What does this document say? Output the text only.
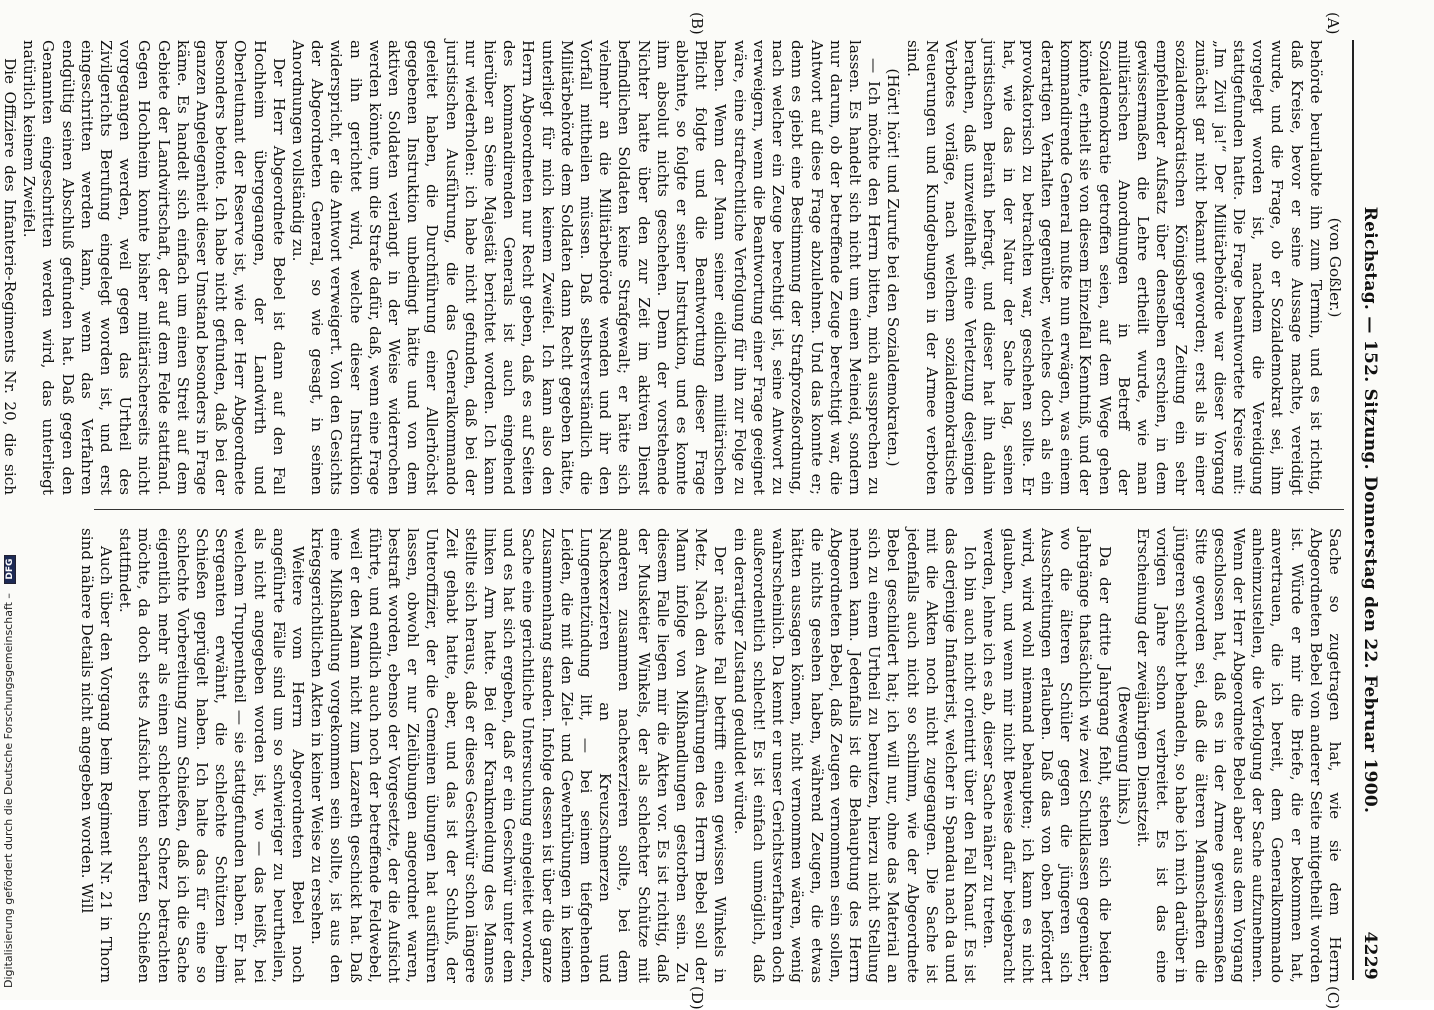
Reichstag. — 152. Sitzung. Donnerstag den 22. Februar 1900.
4229
(A)
(B)
(C)
(D)

(von Goßler.)

behörde beurlaubte ihn zum Termin, und es ist richtig, daß Kreise, bevor er seine Aussage machte, vereidigt wurde, und die Frage, ob er Sozialdemokrat sei, ihm vorgelegt worden ist, nachdem die Vereidigung stattgefunden hatte. Die Frage beantwortete Kreise mit: „Im Zivil ja!“ Der Militärbehörde war dieser Vorgang zunächst gar nicht bekannt geworden; erst als in einer sozialdemokratischen Königsberger Zeitung ein sehr empfehlender Aufsatz über denselben erschien, in dem gewissermaßen die Lehre ertheilt wurde, wie man militärischen Anordnungen in Betreff der Sozialdemokratie getroffen seien, auf dem Wege gehen könnte, erhielt sie von diesem Einzelfall Kenntniß, und der kommandirende General mußte nun erwägen, was einem derartigen Verhalten gegenüber, welches doch als ein provokatorisch zu betrachten war, geschehen sollte. Er hat, wie das in der Natur der Sache lag, seinen juristischen Beirath befragt, und dieser hat ihn dahin berathen, daß unzweifelhaft eine Verletzung desjenigen Verbotes vorläge, nach welchem sozialdemokratische Neuerungen und Kundgebungen in der Armee verboten sind.

(Hört! hört! und Zurufe bei den Sozialdemokraten.)

— Ich möchte den Herrn bitten, mich aussprechen zu lassen. Es handelt sich nicht um einen Meineid, sondern nur darum, ob der betreffende Zeuge berechtigt war, die Antwort auf diese Frage abzulehnen. Und das konnte er; denn es giebt eine Bestimmung der Strafprozeßordnung, nach welcher ein Zeuge berechtigt ist, seine Antwort zu verweigern, wenn die Beantwortung einer Frage geeignet wäre, eine strafrechtliche Verfolgung für ihn zur Folge zu haben. Wenn der Mann seiner eidlichen militärischen Pflicht folgte und die Beantwortung dieser Frage ablehnte, so folgte er seiner Instruktion, und es konnte ihm absolut nichts geschehen. Denn der vorstehende Nichter hatte über den zur Zeit im aktiven Dienst befindlichen Soldaten keine Strafgewalt; er hätte sich vielmehr an die Militärbehörde wenden und ihr den Vorfall mittheilen müssen. Daß selbstverständlich die Militärbehörde dem Soldaten dann Recht gegeben hätte, unterliegt für mich keinem Zweifel. Ich kann also den Herrn Abgeordneten nur Recht geben, daß es auf Seiten des kommandirenden Generals ist auch eingehend hierüber an Seine Majestät berichtet worden. Ich kann nur wiederholen: ich habe nicht gefunden, daß bei der juristischen Ausführung, die das Generalkommando geleitet haben, die Durchführung einer Allerhöchst gegebenen Instruktion unbedingt hätte und von dem aktiven Soldaten verlangt in der Weise widerrochen werden könnte, um die Strafe dafür, daß, wenn eine Frage an ihn gerichtet wird, welche dieser Instruktion widerspricht, er die Antwort verweigert. Von den Gesichts der Abgeordneten General, so wie gesagt, in seinen Anordnungen vollständig zu.

Der Herr Abgeordnete Bebel ist dann auf den Fall Hochheim übergegangen, der Landwirth und Oberleutnant der Reserve ist, wie der Herr Abgeordnete besonders betonte. Ich habe nicht gefunden, daß bei der ganzen Angelegenheit dieser Umstand besonders in Frage käme. Es handelt sich einfach um einen Streit auf dem Gebiete der Landwirtschaft, der auf dem Felde stattfand. Gegen Hochheim konnte bisher militärischerseits nicht vorgegangen werden, weil gegen das Urtheil des Zivilgerichts Berufung eingelegt worden ist, und erst eingeschritten werden kann, wenn das Verfahren endgültig seinen Abschluß gefunden hat. Daß gegen den Genannten eingeschritten werden wird, das unterliegt natürlich keinem Zweifel.

Die Offiziere des Infanterie-Regiments Nr. 20, die sich

Sache so zugetragen hat, wie sie dem Herrn Abgeordneten Bebel von anderer Seite mitgetheilt worden ist. Würde er mir die Briefe, die er bekommen hat, anvertrauen, die ich bereit, dem Generalkommando anheimzustellen, die Verfolgung der Sache aufzunehmen. Wenn der Herr Abgeordnete Bebel aber aus dem Vorgang geschlossen hat, daß es in der Armee gewissermaßen Sitte geworden sei, daß die älteren Mannschaften die jüngeren schlecht behandeln, so habe ich mich darüber in vorigen Jahre schon verbreitet. Es ist das eine Erscheinung der zweijährigen Dienstzeit.

(Bewegung links.)

Da der dritte Jahrgang fehlt, stehen sich die beiden Jahrgänge thatsächlich wie zwei Schulklassen gegenüber, wo die älteren Schüler gegen die jüngeren sich Ausschreitungen erlauben. Daß das von oben befördert wird, wird wohl niemand behaupten; ich kann es nicht glauben, und wenn mir nicht Beweise dafür beigebracht werden, lehne ich es ab, dieser Sache näher zu treten.

Ich bin auch nicht orientirt über den Fall Knauf. Es ist das derjenige Infanterist, welcher in Spandau nach da und mit die Akten noch nicht zugegangen. Die Sache ist jedenfalls auch nicht so schlimm, wie der Abgeordnete Bebel geschildert hat; ich will nur, ohne das Material an sich zu einem Urtheil zu benutzen, hierzu nicht Stellung nehmen kann. Jedenfalls ist die Behauptung des Herrn Abgeordneten Bebel, daß Zeugen vernommen sein sollen, die nichts gesehen haben, während Zeugen, die etwas hätten aussagen können, nicht vernommen wären, wenig wahrscheinlich. Da kennt er unser Gerichtsverfahren doch außerordentlich schlecht! Es ist einfach unmöglich, daß ein derartiger Zustand geduldet würde.

Der nächste Fall betrifft einen gewissen Winkels in Metz. Nach den Ausführungen des Herrn Bebel soll der Mann infolge von Mißhandlungen gestorben sein. Zu diesem Falle liegen mir die Akten vor. Es ist richtig, daß der Musketier Winkels, der als schlechter Schütze mit anderen zusammen nachexerzieren sollte, bei dem Nachexerzieren an Kreuzschmerzen und Lungenentzündung litt, — bei seinem tiefgehenden Leiden, die mit den Ziel- und Gewehrübungen in keinem Zusammenhang standen. Infolge dessen ist über die ganze Sache eine gerichtliche Untersuchung eingeleitet worden, und es hat sich ergeben, daß er ein Geschwür unter dem linken Arm hatte. Bei der Krankmeldung des Mannes stellte sich heraus, daß er dieses Geschwür schon längere Zeit gehabt hatte, aber, und das ist der Schluß, der Unteroffizier, der die Gemeinen übungen hat ausführen lassen, obwohl er nur Zielübungen angeordnet waren, bestraft worden, ebenso der Vorgesetzte, der die Aufsicht führte, und endlich auch noch der betreffende Feldwebel, weil er den Mann nicht zum Lazareth geschickt hat. Daß eine Mißhandlung vorgekommen sein sollte, ist aus den kriegsgerichtlichen Akten in keiner Weise zu ersehen.

Weitere vom Herrn Abgeordneten Bebel noch angeführte Fälle sind um so schwieriger zu beurtheilen, als nicht angegeben worden ist, wo — das heißt, bei welchem Truppentheil — sie stattgefunden haben. Er hat Sergeanten erwähnt, die schlechte Schützen beim Schießen geprügelt haben. Ich halte das für eine so schlechte Vorbereitung zum Schießen, daß ich die Sache eigentlich mehr als einen schlechten Scherz betrachten möchte, da doch stets Aufsicht beim scharfen Schießen stattfindet.

Auch über den Vorgang beim Regiment Nr. 21 in Thorn sind nähere Details nicht angegeben worden. Will

Digitalisierung gefördert durch die Deutsche Forschungsgemeinschaft – DFG
